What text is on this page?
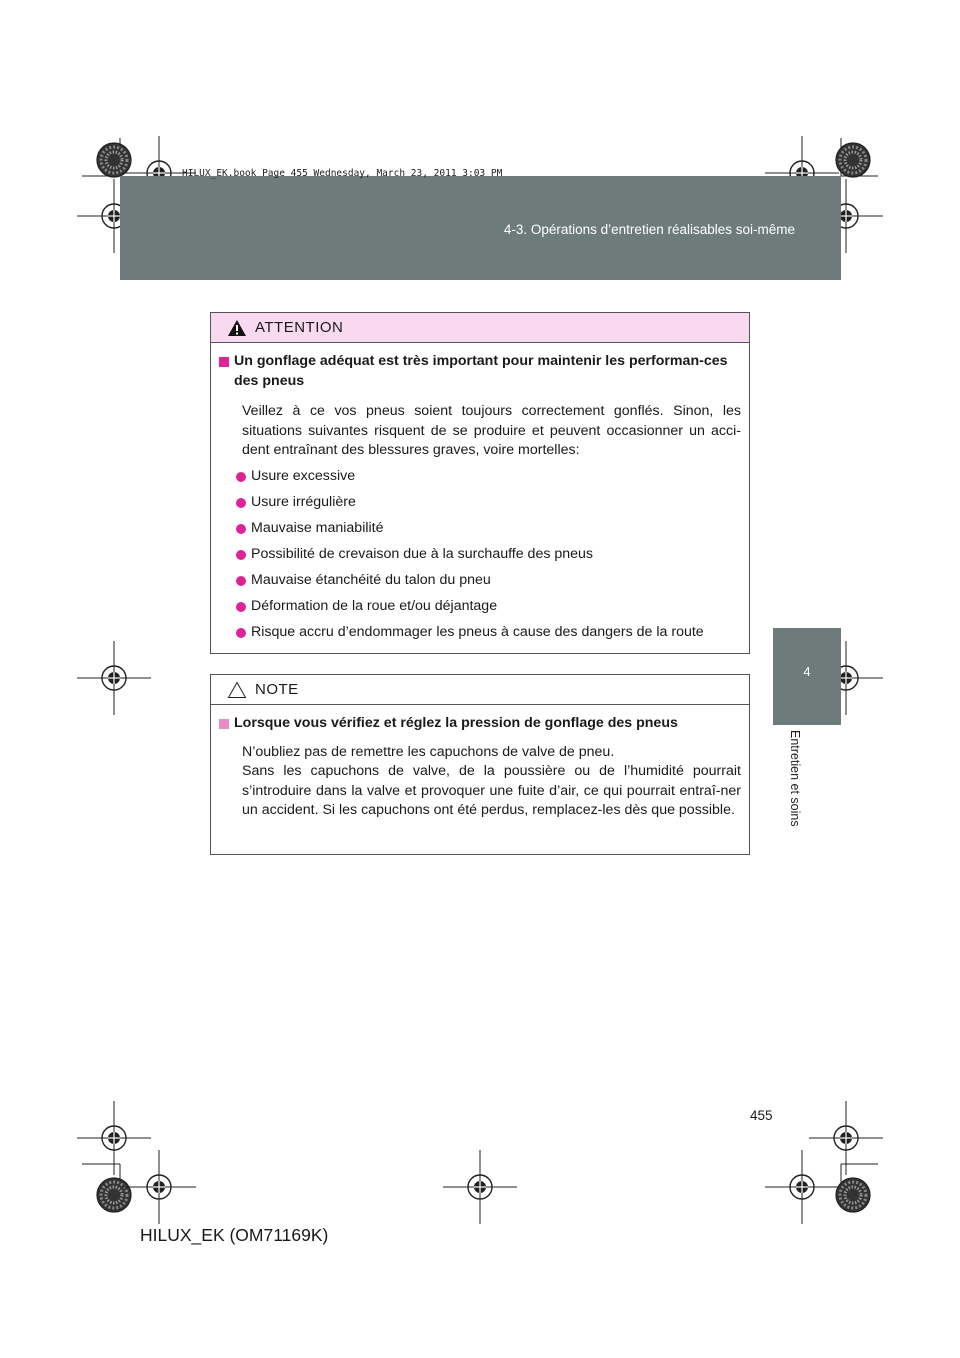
HILUX_EK.book Page 455 Wednesday, March 23, 2011 3:03 PM
4-3. Opérations d’entretien réalisables soi-même
4
Entretien et soins
ATTENTION
Un gonflage adéquat est très important pour maintenir les performan-ces des pneus
Veillez à ce vos pneus soient toujours correctement gonflés. Sinon, les situations suivantes risquent de se produire et peuvent occasionner un acci-dent entraînant des blessures graves, voire mortelles:
Usure excessive
Usure irrégulière
Mauvaise maniabilité
Possibilité de crevaison due à la surchauffe des pneus
Mauvaise étanchéité du talon du pneu
Déformation de la roue et/ou déjantage
Risque accru d’endommager les pneus à cause des dangers de la route
NOTE
Lorsque vous vérifiez et réglez la pression de gonflage des pneus
N’oubliez pas de remettre les capuchons de valve de pneu.
Sans les capuchons de valve, de la poussière ou de l’humidité pourrait s’introduire dans la valve et provoquer une fuite d’air, ce qui pourrait entraî-ner un accident. Si les capuchons ont été perdus, remplacez-les dès que possible.
455
HILUX_EK (OM71169K)
